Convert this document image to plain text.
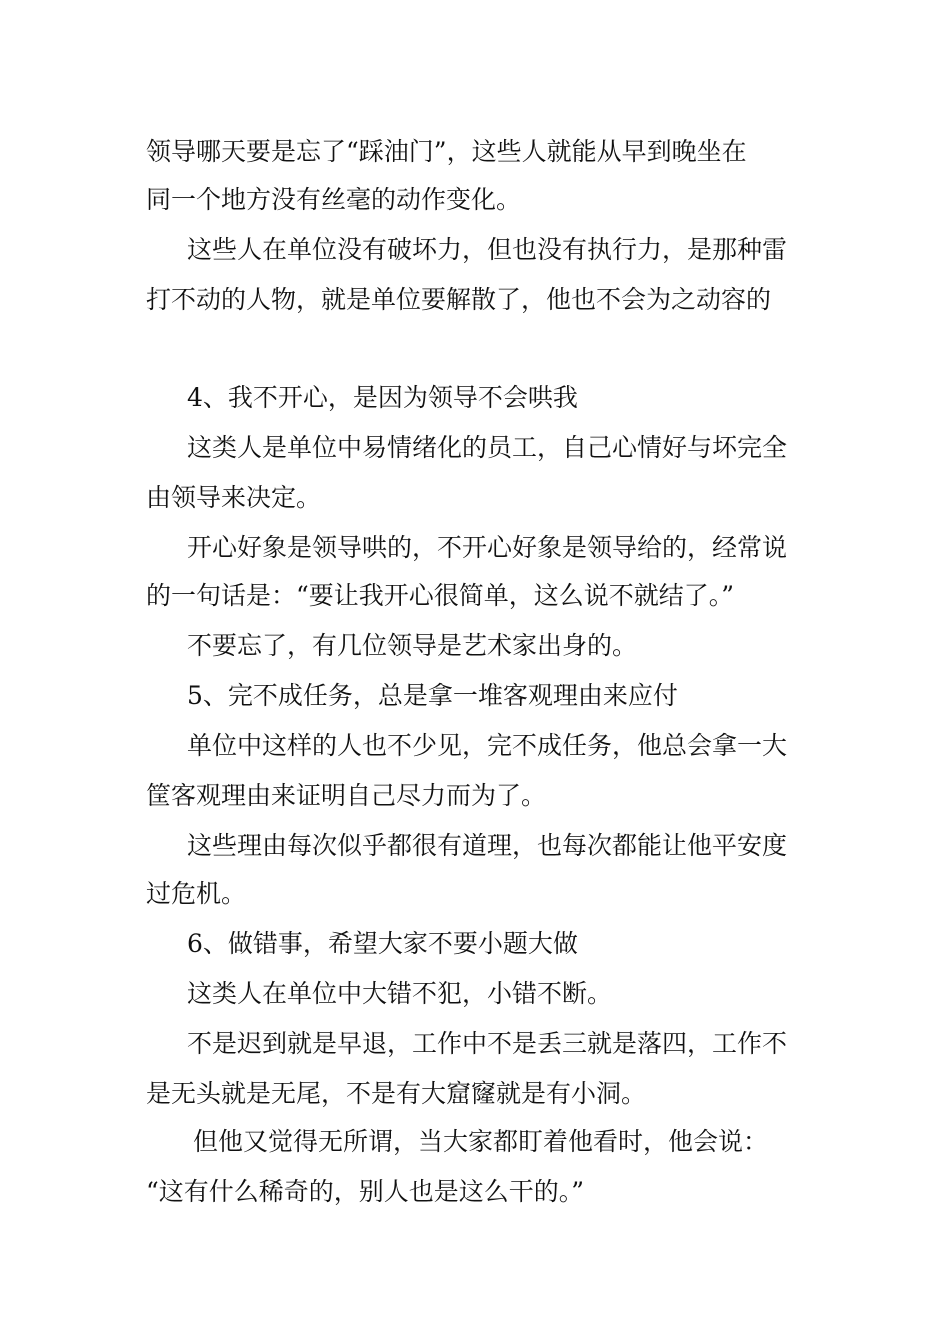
领导哪天要是忘了“踩油门”，这些人就能从早到晚坐在

同一个地方没有丝毫的动作变化。

这些人在单位没有破坏力，但也没有执行力，是那种雷

打不动的人物，就是单位要解散了，他也不会为之动容的

4、我不开心，是因为领导不会哄我

这类人是单位中易情绪化的员工，自己心情好与坏完全

由领导来决定。

开心好象是领导哄的，不开心好象是领导给的，经常说

的一句话是：“要让我开心很简单，这么说不就结了。”

不要忘了，有几位领导是艺术家出身的。

5、完不成任务，总是拿一堆客观理由来应付

单位中这样的人也不少见，完不成任务，他总会拿一大

筐客观理由来证明自己尽力而为了。

这些理由每次似乎都很有道理，也每次都能让他平安度

过危机。

6、做错事，希望大家不要小题大做

这类人在单位中大错不犯，小错不断。

不是迟到就是早退，工作中不是丢三就是落四，工作不

是无头就是无尾，不是有大窟窿就是有小洞。

但他又觉得无所谓，当大家都盯着他看时，他会说：

“这有什么稀奇的，别人也是这么干的。”
